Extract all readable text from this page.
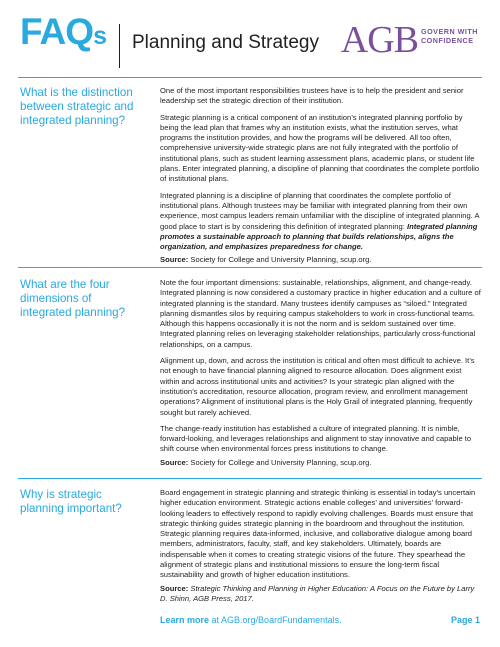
FAQs Planning and Strategy AGB GOVERN WITH
CONFIDENCE
What is the distinction between strategic and integrated planning?

One of the most important responsibilities trustees have is to help the president and senior leadership set the strategic direction of their institution.

Strategic planning is a critical component of an institution’s integrated planning portfolio by being the lead plan that frames why an institution exists, what the institution serves, what programs the institution provides, and how the programs will be delivered. All too often, comprehensive university-wide strategic plans are not fully integrated with the portfolio of institutional plans, such as student learning assessment plans, academic plans, or student life plans. Enter integrated planning, a discipline of planning that coordinates the complete portfolio of institutional plans.

Integrated planning is a discipline of planning that coordinates the complete portfolio of institutional plans. Although trustees may be familiar with integrated planning from their own experience, most campus leaders remain unfamiliar with the discipline of integrated planning. A good place to start is by considering this definition of integrated planning: Integrated planning promotes a sustainable approach to planning that builds relationships, aligns the organization, and emphasizes preparedness for change.

Source: Society for College and University Planning, scup.org.

What are the four dimensions of integrated planning?

Note the four important dimensions: sustainable, relationships, alignment, and change-ready. Integrated planning is now considered a customary practice in higher education and a culture of integrated planning is the standard. Many trustees identify campuses as “siloed.” Integrated planning dismantles silos by requiring campus stakeholders to work in cross-functional teams. Although this happens occasionally it is not the norm and is seldom sustained over time. Integrated planning relies on leveraging stakeholder relationships, particularly cross-functional relationships, on a campus.

Alignment up, down, and across the institution is critical and often most difficult to achieve. It’s not enough to have financial planning aligned to resource allocation. Does alignment exist within and across institutional units and activities? Is your strategic plan aligned with the institution’s accreditation, resource allocation, program review, and enrollment management operations? Alignment of institutional plans is the Holy Grail of integrated planning, frequently sought but rarely achieved.

The change-ready institution has established a culture of integrated planning. It is nimble, forward-looking, and leverages relationships and alignment to stay innovative and capable to shift course when environmental forces press institutions to change.

Source: Society for College and University Planning, scup.org.

Why is strategic planning important?

Board engagement in strategic planning and strategic thinking is essential in today’s uncertain higher education environment. Strategic actions enable colleges’ and universities’ forward-looking leaders to effectively respond to rapidly evolving challenges. Boards must ensure that strategic thinking guides strategic planning in the boardroom and throughout the institution. Strategic planning requires data-informed, inclusive, and collaborative dialogue among board members, administrators, faculty, staff, and key stakeholders. Ultimately, boards are indispensable when it comes to creating strategic visions of the future. They spearhead the alignment of strategic plans and institutional missions to ensure the long-term fiscal sustainability and growth of higher education institutions.

Source: Strategic Thinking and Planning in Higher Education: A Focus on the Future by Larry D. Shinn, AGB Press, 2017.

Learn more at AGB.org/BoardFundamentals.	Page 1
